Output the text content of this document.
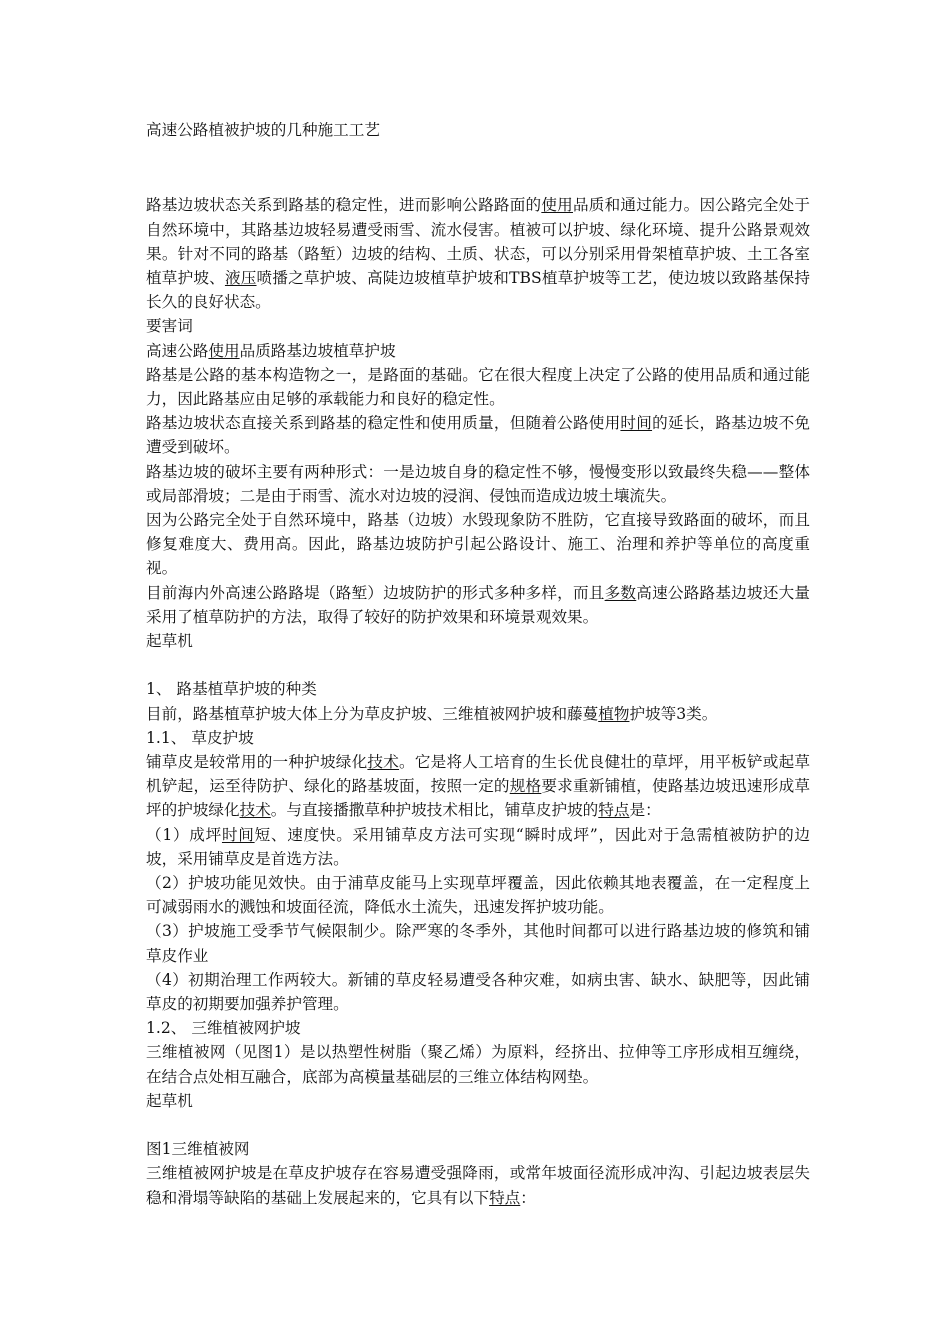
高速公路植被护坡的几种施工工艺

路基边坡状态关系到路基的稳定性，进而影响公路路面的使用品质和通过能力。因公路完全处于自然环境中，其路基边坡轻易遭受雨雪、流水侵害。植被可以护坡、绿化环境、提升公路景观效果。针对不同的路基（路堑）边坡的结构、土质、状态，可以分别采用骨架植草护坡、土工各室植草护坡、液压喷播之草护坡、高陡边坡植草护坡和TBS植草护坡等工艺，使边坡以致路基保持长久的良好状态。

要害词

高速公路使用品质路基边坡植草护坡

路基是公路的基本构造物之一，是路面的基础。它在很大程度上决定了公路的使用品质和通过能力，因此路基应由足够的承载能力和良好的稳定性。

路基边坡状态直接关系到路基的稳定性和使用质量，但随着公路使用时间的延长，路基边坡不免遭受到破坏。

路基边坡的破坏主要有两种形式：一是边坡自身的稳定性不够，慢慢变形以致最终失稳——整体或局部滑坡；二是由于雨雪、流水对边坡的浸润、侵蚀而造成边坡土壤流失。

因为公路完全处于自然环境中，路基（边坡）水毁现象防不胜防，它直接导致路面的破坏，而且修复难度大、费用高。因此，路基边坡防护引起公路设计、施工、治理和养护等单位的高度重视。

目前海内外高速公路路堤（路堑）边坡防护的形式多种多样，而且多数高速公路路基边坡还大量采用了植草防护的方法，取得了较好的防护效果和环境景观效果。

起草机

1、 路基植草护坡的种类

目前，路基植草护坡大体上分为草皮护坡、三维植被网护坡和藤蔓植物护坡等3类。

1.1、 草皮护坡

铺草皮是较常用的一种护坡绿化技术。它是将人工培育的生长优良健壮的草坪，用平板铲或起草机铲起，运至待防护、绿化的路基坡面，按照一定的规格要求重新铺植，使路基边坡迅速形成草坪的护坡绿化技术。与直接播撒草种护坡技术相比，铺草皮护坡的特点是：

（1）成坪时间短、速度快。采用铺草皮方法可实现“瞬时成坪”，因此对于急需植被防护的边坡，采用铺草皮是首选方法。

（2）护坡功能见效快。由于浦草皮能马上实现草坪覆盖，因此依赖其地表覆盖，在一定程度上可减弱雨水的溅蚀和坡面径流，降低水土流失，迅速发挥护坡功能。

（3）护坡施工受季节气候限制少。除严寒的冬季外，其他时间都可以进行路基边坡的修筑和铺草皮作业

（4）初期治理工作两较大。新铺的草皮轻易遭受各种灾难，如病虫害、缺水、缺肥等，因此铺草皮的初期要加强养护管理。

1.2、 三维植被网护坡

三维植被网（见图1）是以热塑性树脂（聚乙烯）为原料，经挤出、拉伸等工序形成相互缠绕，在结合点处相互融合，底部为高模量基础层的三维立体结构网垫。

起草机

图1三维植被网

三维植被网护坡是在草皮护坡存在容易遭受强降雨，或常年坡面径流形成冲沟、引起边坡表层失稳和滑塌等缺陷的基础上发展起来的，它具有以下特点：
